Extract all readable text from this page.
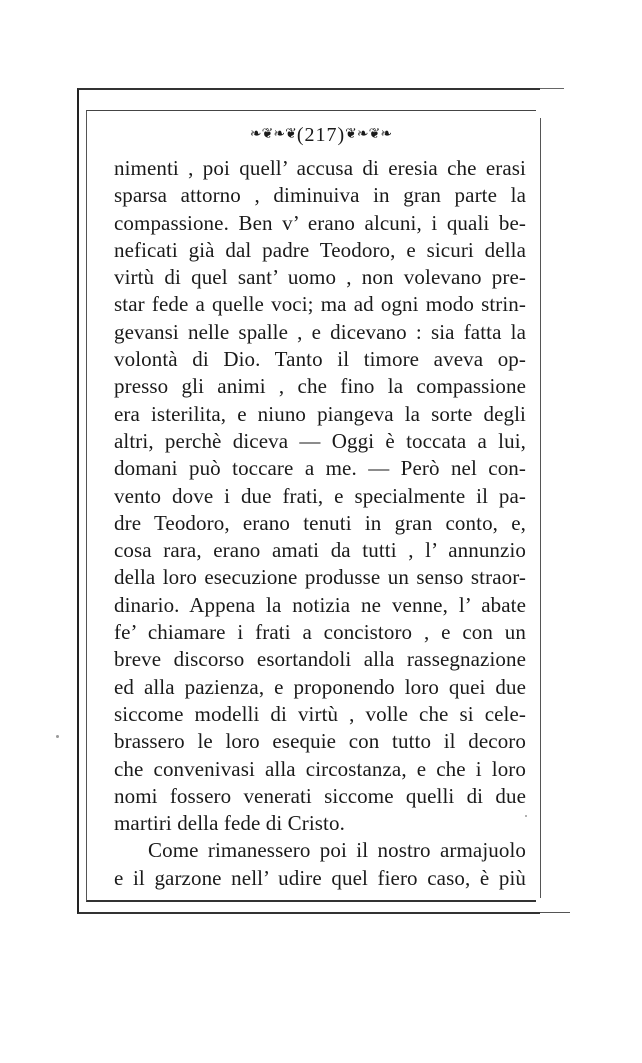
❧❦❧❦(217)❦❧❦❧
nimenti , poi quell’ accusa di eresia che erasi
sparsa attorno , diminuiva in gran parte la
compassione. Ben v’ erano alcuni, i quali be-
neficati già dal padre Teodoro, e sicuri della
virtù di quel sant’ uomo , non volevano pre-
star fede a quelle voci; ma ad ogni modo strin-
gevansi nelle spalle , e dicevano : sia fatta la
volontà di Dio. Tanto il timore aveva op-
presso gli animi , che fino la compassione
era isterilita, e niuno piangeva la sorte degli
altri, perchè diceva — Oggi è toccata a lui,
domani può toccare a me. — Però nel con-
vento dove i due frati, e specialmente il pa-
dre Teodoro, erano tenuti in gran conto, e,
cosa rara, erano amati da tutti , l’ annunzio
della loro esecuzione produsse un senso straor-
dinario. Appena la notizia ne venne, l’ abate
fe’ chiamare i frati a concistoro , e con un
breve discorso esortandoli alla rassegnazione
ed alla pazienza, e proponendo loro quei due
siccome modelli di virtù , volle che si cele-
brassero le loro esequie con tutto il decoro
che convenivasi alla circostanza, e che i loro
nomi fossero venerati siccome quelli di due
martiri della fede di Cristo.
Come rimanessero poi il nostro armajuolo
e il garzone nell’ udire quel fiero caso, è più
